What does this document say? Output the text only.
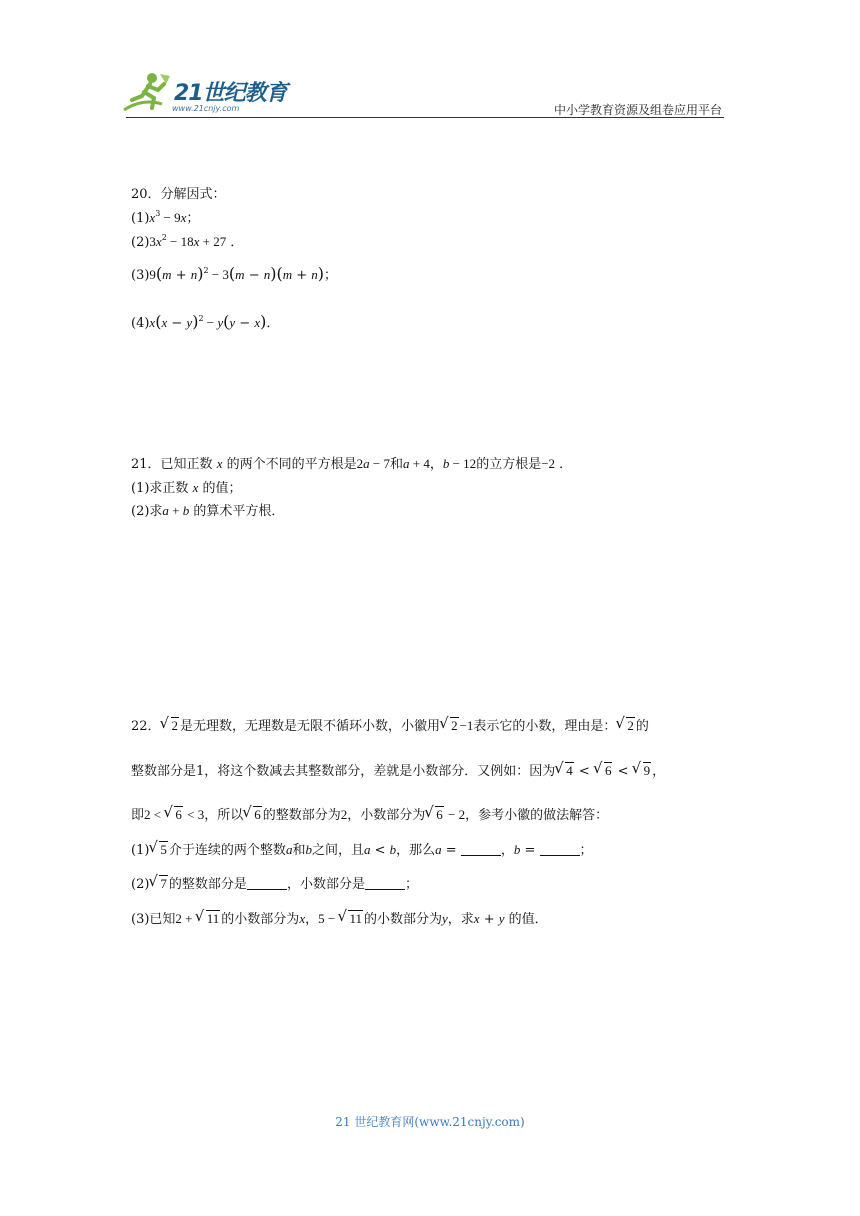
21世纪教育
www.21cnjy.com	中小学教育资源及组卷应用平台
20．分解因式：
$(1)x^3 - 9x$；
$(2)3x^2 - 18x + 27$ ．
$(3)9(m + n)^2 - 3(m - n)(m + n)$；
$(4)x(x - y)^2 - y(y - x)$．
21．已知正数 x 的两个不同的平方根是2a − 7和a + 4，b − 12的立方根是−2 ．
(1)求正数 x 的值；
(2)求a + b 的算术平方根．
22． √ 2 是无理数，无理数是无限不循环小数，小徽用 √ 2 −1表示它的小数，理由是： √ 2 的
整数部分是1，将这个数减去其整数部分，差就是小数部分．又例如：因为 √ 4 < √ 6 < √ 9 ，
即2 < √ 6 < 3，所以 √ 6 的整数部分为2，小数部分为 √ 6 − 2，参考小徽的做法解答：
(1) √ 5 介于连续的两个整数a和b之间，且a < b，那么a =	，b =	；
(2) √ 7 的整数部分是	，小数部分是	；
(3)已知2 + √ 11 的小数部分为x，5 − √ 11 的小数部分为y，求x + y 的值．
21 世纪教育网(www.21cnjy.com)
